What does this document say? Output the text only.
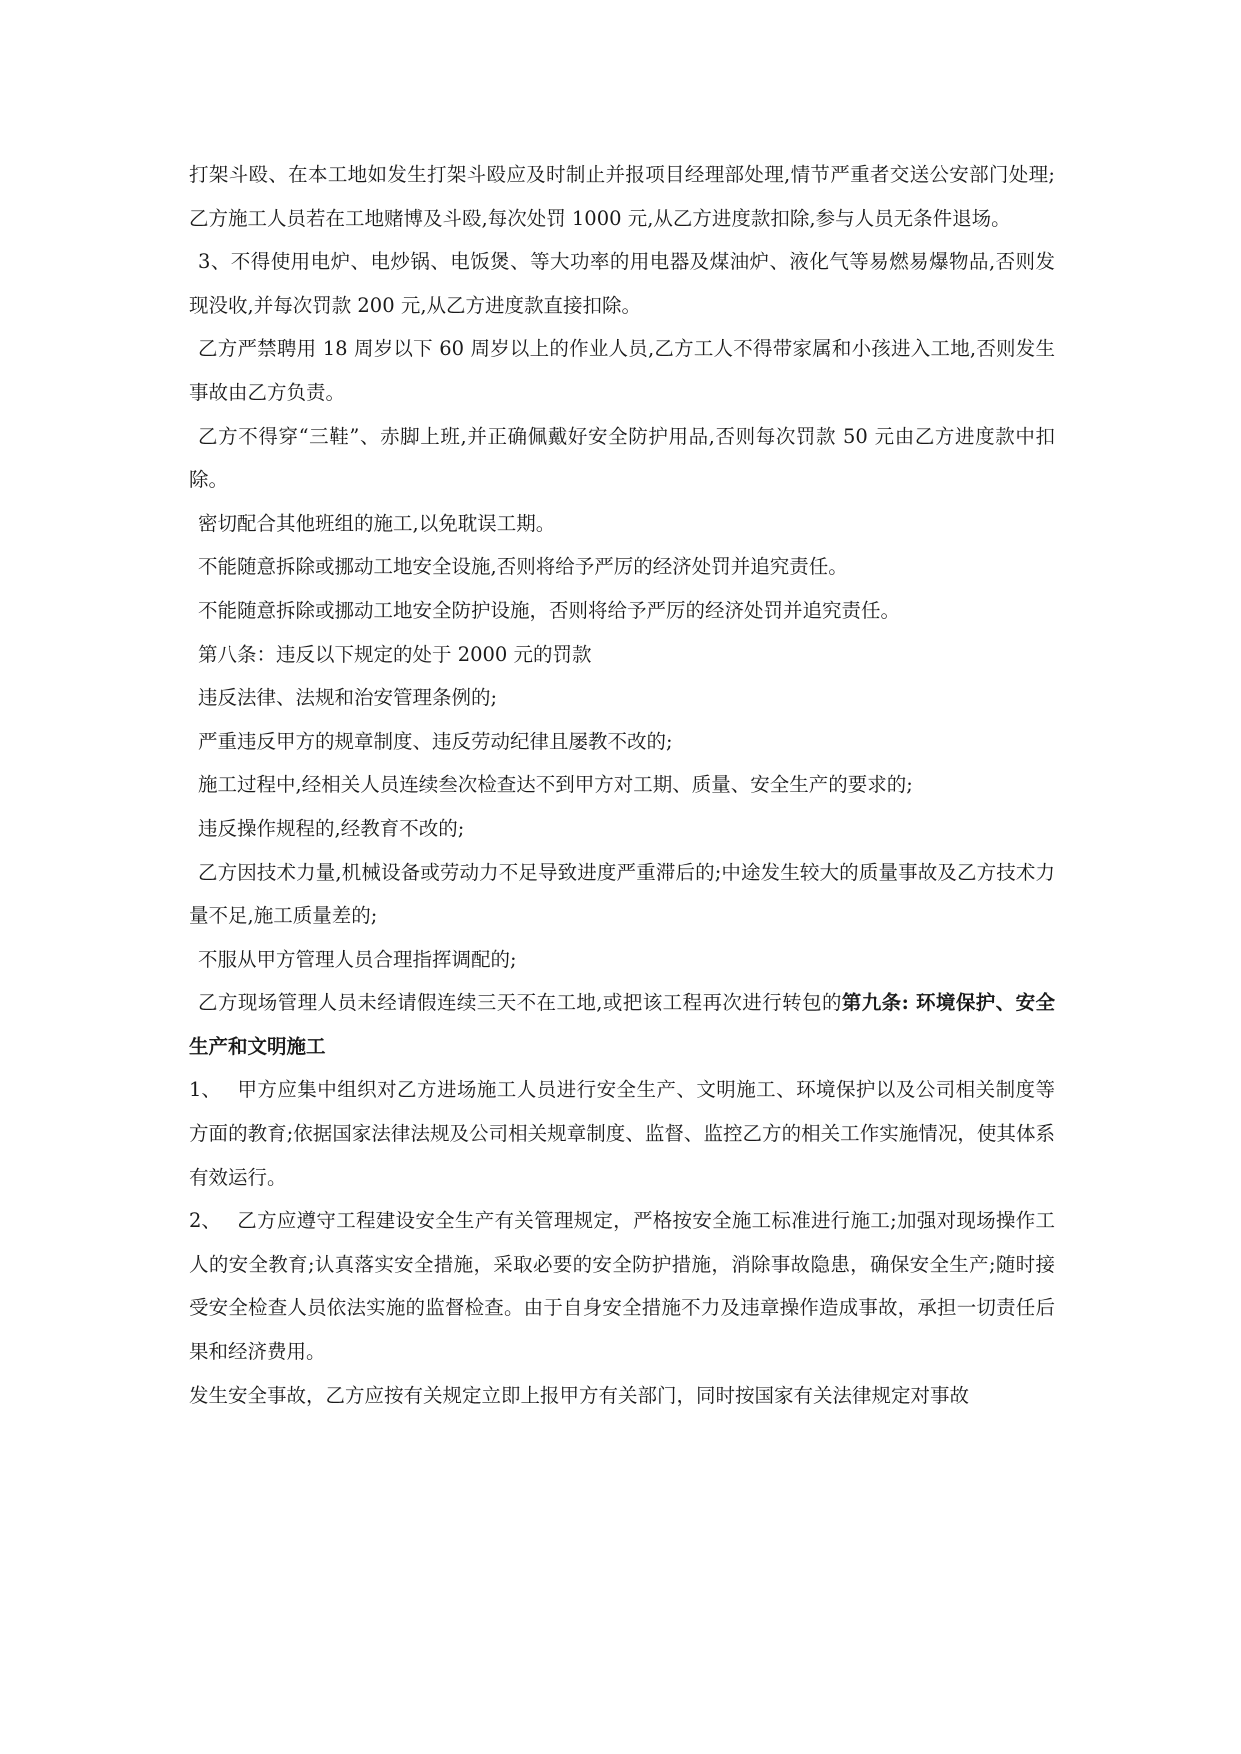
打架斗殴、在本工地如发生打架斗殴应及时制止并报项目经理部处理,情节严重者交送公安部门处理;乙方施工人员若在工地赌博及斗殴,每次处罚 1000 元,从乙方进度款扣除,参与人员无条件退场。

3、不得使用电炉、电炒锅、电饭煲、等大功率的用电器及煤油炉、液化气等易燃易爆物品,否则发现没收,并每次罚款 200 元,从乙方进度款直接扣除。

乙方严禁聘用 18 周岁以下 60 周岁以上的作业人员,乙方工人不得带家属和小孩进入工地,否则发生事故由乙方负责。

乙方不得穿“三鞋”、赤脚上班,并正确佩戴好安全防护用品,否则每次罚款 50 元由乙方进度款中扣除。

密切配合其他班组的施工,以免耽误工期。

不能随意拆除或挪动工地安全设施,否则将给予严厉的经济处罚并追究责任。

不能随意拆除或挪动工地安全防护设施，否则将给予严厉的经济处罚并追究责任。

第八条：违反以下规定的处于 2000 元的罚款

违反法律、法规和治安管理条例的;

严重违反甲方的规章制度、违反劳动纪律且屡教不改的;

施工过程中,经相关人员连续叁次检查达不到甲方对工期、质量、安全生产的要求的;

违反操作规程的,经教育不改的;

乙方因技术力量,机械设备或劳动力不足导致进度严重滞后的;中途发生较大的质量事故及乙方技术力量不足,施工质量差的;

不服从甲方管理人员合理指挥调配的;

乙方现场管理人员未经请假连续三天不在工地,或把该工程再次进行转包的第九条: 环境保护、安全生产和文明施工

1、 甲方应集中组织对乙方进场施工人员进行安全生产、文明施工、环境保护以及公司相关制度等方面的教育;依据国家法律法规及公司相关规章制度、监督、监控乙方的相关工作实施情况，使其体系有效运行。

2、 乙方应遵守工程建设安全生产有关管理规定，严格按安全施工标准进行施工;加强对现场操作工人的安全教育;认真落实安全措施，采取必要的安全防护措施，消除事故隐患，确保安全生产;随时接受安全检查人员依法实施的监督检查。由于自身安全措施不力及违章操作造成事故，承担一切责任后果和经济费用。

发生安全事故，乙方应按有关规定立即上报甲方有关部门，同时按国家有关法律规定对事故
